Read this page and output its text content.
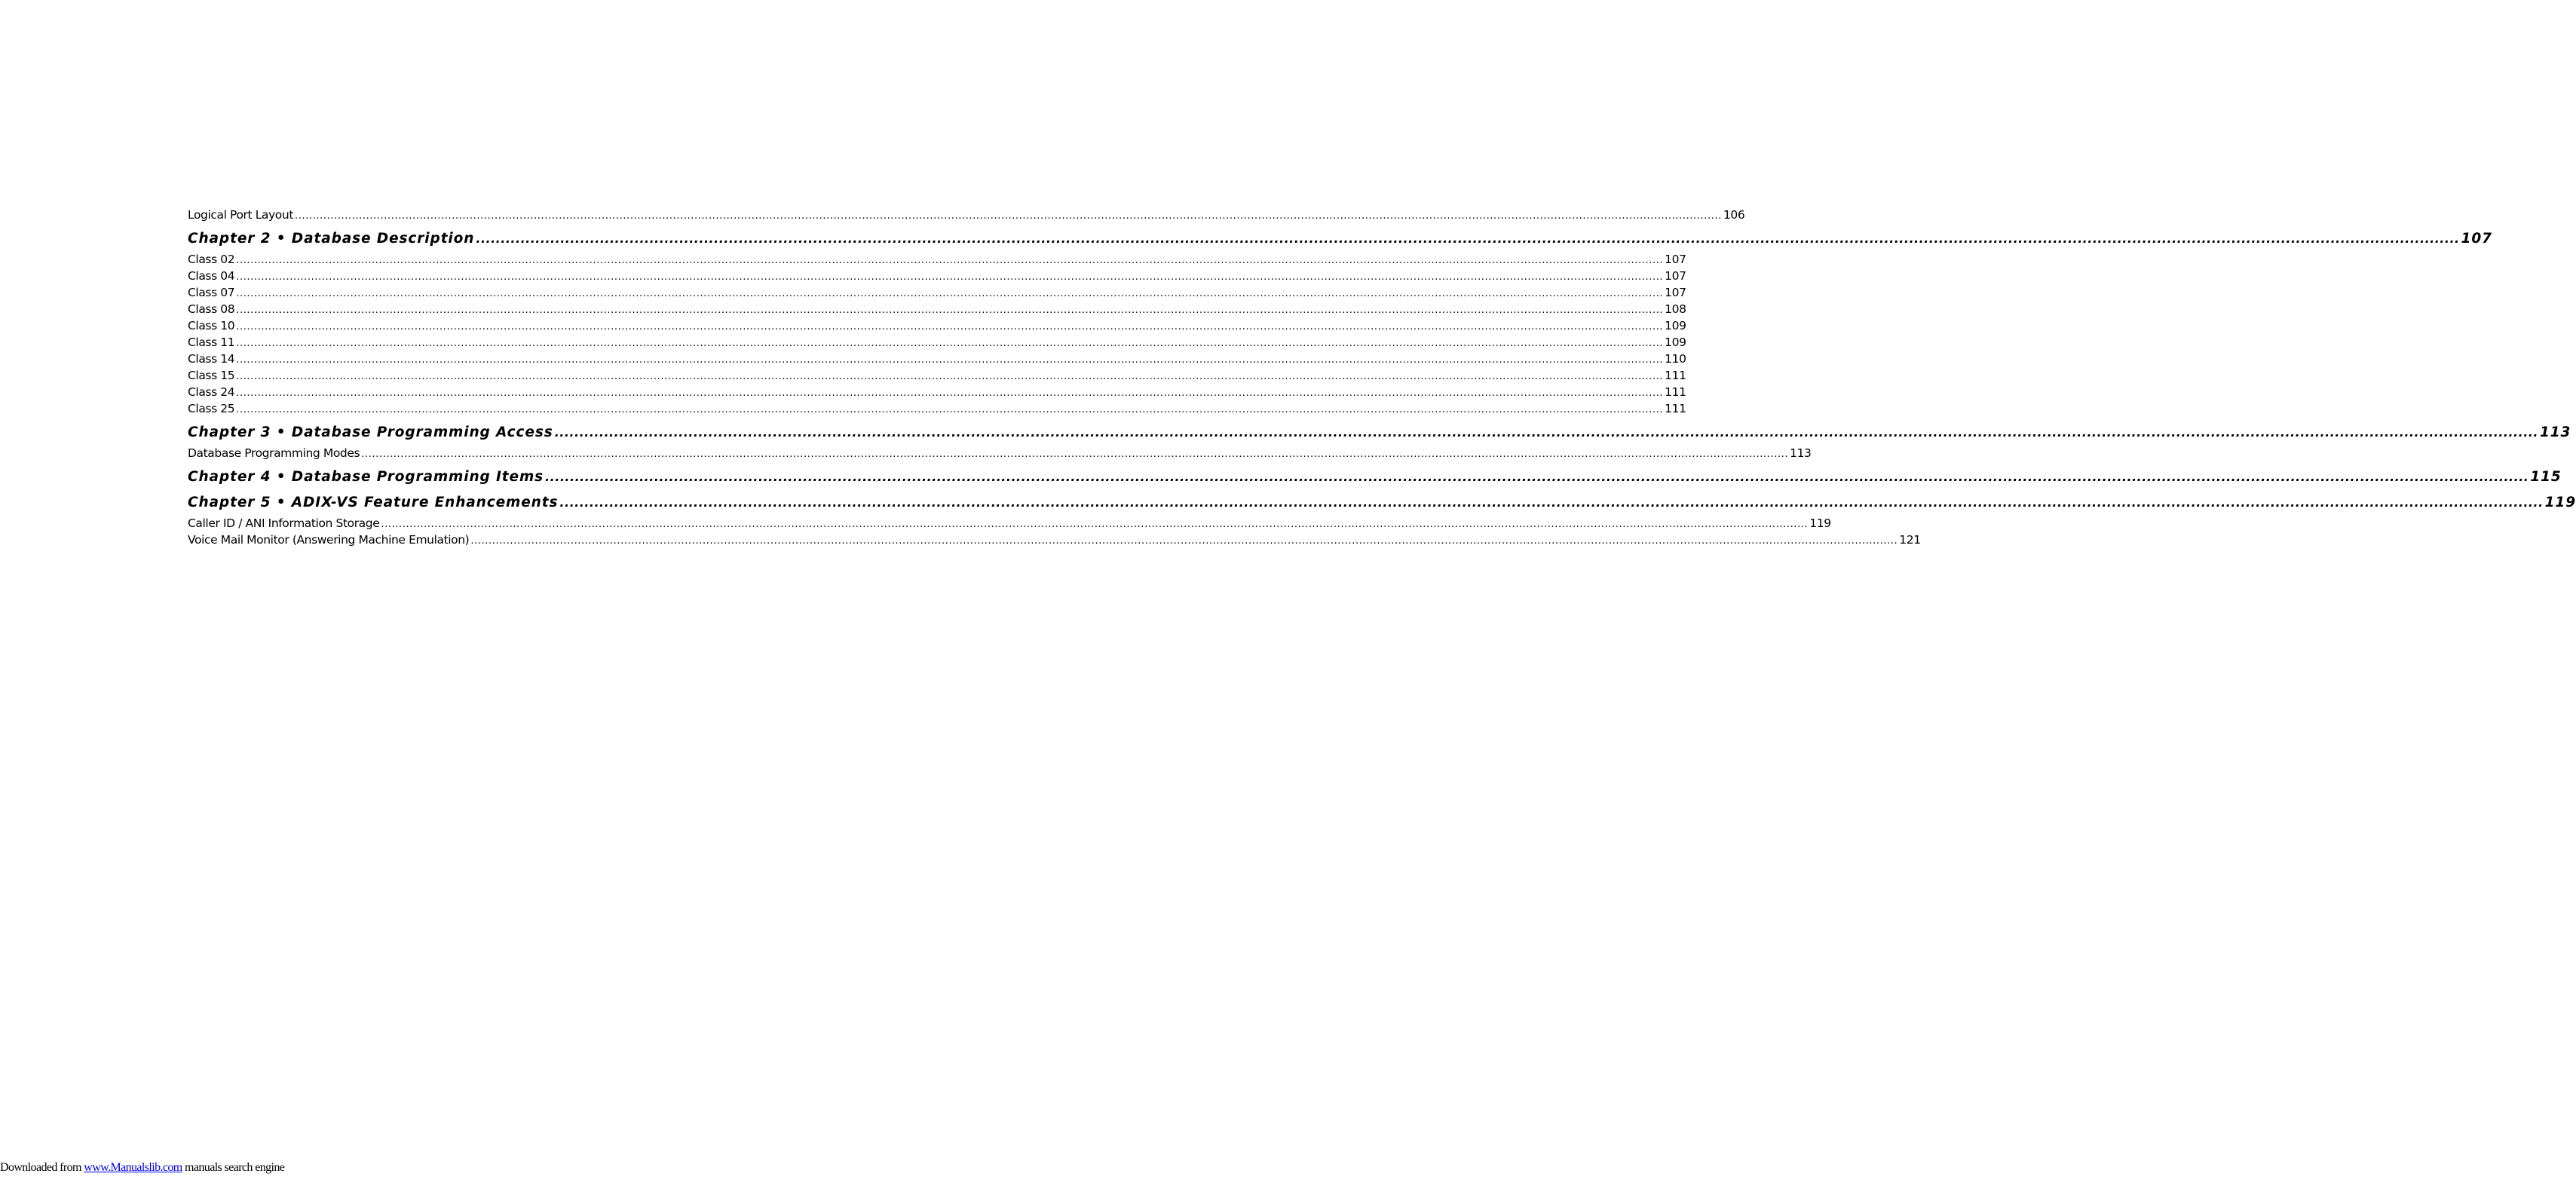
Logical Port Layout ................................................................................................................................................................................................................................................................................................................................................................................................................ 106
Chapter 2 • Database Description ................................................................................................................................................................................................................................................................................................................................................................................................................ 107
Class 02 ................................................................................................................................................................................................................................................................................................................................................................................................................ 107
Class 04 ................................................................................................................................................................................................................................................................................................................................................................................................................ 107
Class 07 ................................................................................................................................................................................................................................................................................................................................................................................................................ 107
Class 08 ................................................................................................................................................................................................................................................................................................................................................................................................................ 108
Class 10 ................................................................................................................................................................................................................................................................................................................................................................................................................ 109
Class 11 ................................................................................................................................................................................................................................................................................................................................................................................................................ 109
Class 14 ................................................................................................................................................................................................................................................................................................................................................................................................................ 110
Class 15 ................................................................................................................................................................................................................................................................................................................................................................................................................ 111
Class 24 ................................................................................................................................................................................................................................................................................................................................................................................................................ 111
Class 25 ................................................................................................................................................................................................................................................................................................................................................................................................................ 111
Chapter 3 • Database Programming Access ................................................................................................................................................................................................................................................................................................................................................................................................................ 113
Database Programming Modes ................................................................................................................................................................................................................................................................................................................................................................................................................ 113
Chapter 4 • Database Programming Items ................................................................................................................................................................................................................................................................................................................................................................................................................ 115
Chapter 5 • ADIX-VS Feature Enhancements ................................................................................................................................................................................................................................................................................................................................................................................................................ 119
Caller ID / ANI Information Storage ................................................................................................................................................................................................................................................................................................................................................................................................................ 119
Voice Mail Monitor (Answering Machine Emulation) ................................................................................................................................................................................................................................................................................................................................................................................................................ 121
Downloaded from www.Manualslib.com manuals search engine
